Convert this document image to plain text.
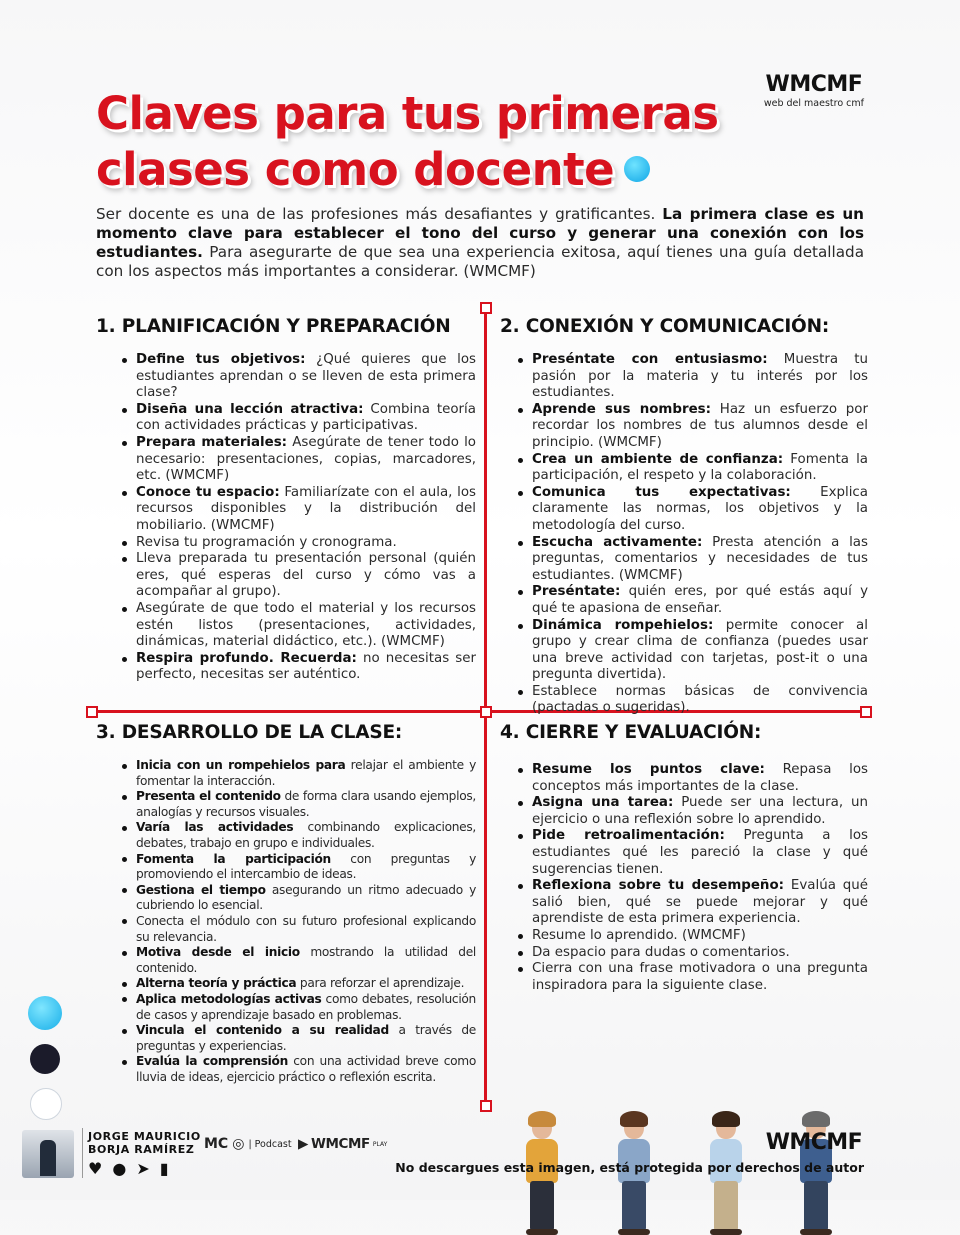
WMCMF
web del maestro cmf
Claves para tus primeras
clases como docente

Ser docente es una de las profesiones más desafiantes y gratificantes. La primera clase es un momento clave para establecer el tono del curso y generar una conexión con los estudiantes. Para asegurarte de que sea una experiencia exitosa, aquí tienes una guía detallada con los aspectos más importantes a considerar. (WMCMF)

1. PLANIFICACIÓN Y PREPARACIÓN
Define tus objetivos: ¿Qué quieres que los estudiantes aprendan o se lleven de esta primera clase?
Diseña una lección atractiva: Combina teoría con actividades prácticas y participativas.
Prepara materiales: Asegúrate de tener todo lo necesario: presentaciones, copias, marcadores, etc. (WMCMF)
Conoce tu espacio: Familiarízate con el aula, los recursos disponibles y la distribución del mobiliario. (WMCMF)
Revisa tu programación y cronograma.
Lleva preparada tu presentación personal (quién eres, qué esperas del curso y cómo vas a acompañar al grupo).
Asegúrate de que todo el material y los recursos estén listos (presentaciones, actividades, dinámicas, material didáctico, etc.). (WMCMF)
Respira profundo. Recuerda: no necesitas ser perfecto, necesitas ser auténtico.
2. CONEXIÓN Y COMUNICACIÓN:
Preséntate con entusiasmo: Muestra tu pasión por la materia y tu interés por los estudiantes.
Aprende sus nombres: Haz un esfuerzo por recordar los nombres de tus alumnos desde el principio. (WMCMF)
Crea un ambiente de confianza: Fomenta la participación, el respeto y la colaboración.
Comunica tus expectativas: Explica claramente las normas, los objetivos y la metodología del curso.
Escucha activamente: Presta atención a las preguntas, comentarios y necesidades de tus estudiantes. (WMCMF)
Preséntate: quién eres, por qué estás aquí y qué te apasiona de enseñar.
Dinámica rompehielos: permite conocer al grupo y crear clima de confianza (puedes usar una breve actividad con tarjetas, post-it o una pregunta divertida).
Establece normas básicas de convivencia (pactadas o sugeridas).
3. DESARROLLO DE LA CLASE:
Inicia con un rompehielos para relajar el ambiente y fomentar la interacción.
Presenta el contenido de forma clara usando ejemplos, analogías y recursos visuales.
Varía las actividades combinando explicaciones, debates, trabajo en grupo e individuales.
Fomenta la participación con preguntas y promoviendo el intercambio de ideas.
Gestiona el tiempo asegurando un ritmo adecuado y cubriendo lo esencial.
Conecta el módulo con su futuro profesional explicando su relevancia.
Motiva desde el inicio mostrando la utilidad del contenido.
Alterna teoría y práctica para reforzar el aprendizaje.
Aplica metodologías activas como debates, resolución de casos y aprendizaje basado en problemas.
Vincula el contenido a su realidad a través de preguntas y experiencias.
Evalúa la comprensión con una actividad breve como lluvia de ideas, ejercicio práctico o reflexión escrita.
4. CIERRE Y EVALUACIÓN:
Resume los puntos clave: Repasa los conceptos más importantes de la clase.
Asigna una tarea: Puede ser una lectura, un ejercicio o una reflexión sobre lo aprendido.
Pide retroalimentación: Pregunta a los estudiantes qué les pareció la clase y qué sugerencias tienen.
Reflexiona sobre tu desempeño: Evalúa qué salió bien, qué se puede mejorar y qué aprendiste de esta primera experiencia.
Resume lo aprendido. (WMCMF)
Da espacio para dudas o comentarios.
Cierra con una frase motivadora o una pregunta inspiradora para la siguiente clase.
JORGE MAURICIO
BORJA RAMÍREZ
♥ ● ➤ ▮
MC ◎ | Podcast ▶ WMCMF PLAY	WMCMF
No descargues esta imagen, está protegida por derechos de autor
